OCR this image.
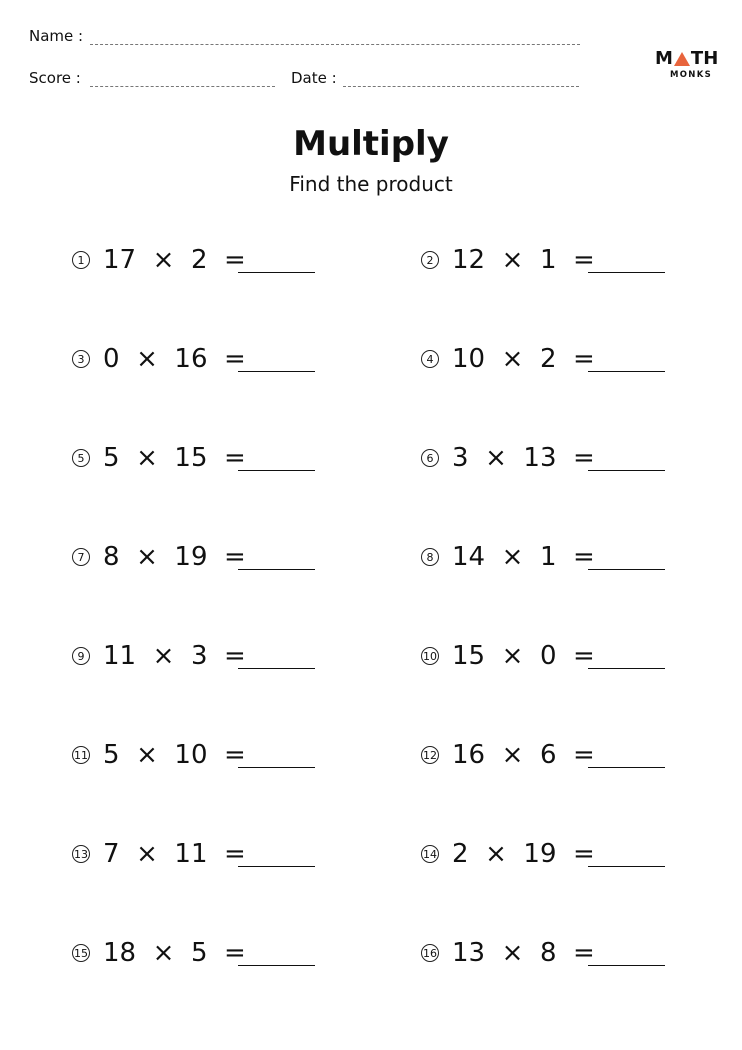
Name :
Score :	Date :
M TH
MONKS
Multiply
Find the product
1 17 × 2 =	2 12 × 1 =
3 0 × 16 =	4 10 × 2 =
5 5 × 15 =	6 3 × 13 =
7 8 × 19 =	8 14 × 1 =
9 11 × 3 =	10 15 × 0 =
11 5 × 10 =	12 16 × 6 =
13 7 × 11 =	14 2 × 19 =
15 18 × 5 =	16 13 × 8 =
